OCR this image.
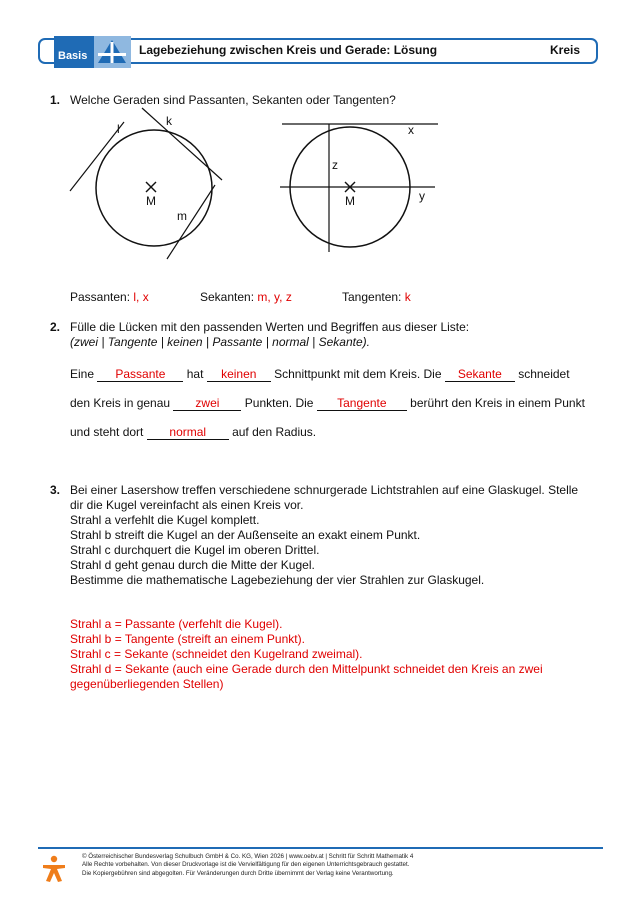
Basis	Lagebeziehung zwischen Kreis und Gerade: Lösung	Kreis
1. Welche Geraden sind Passanten, Sekanten oder Tangenten?
l
k
M
m
x
z
M	y
Passanten: l, x	Sekanten: m, y, z	Tangenten: k
2. Fülle die Lücken mit den passenden Werten und Begriffen aus dieser Liste:
(zwei | Tangente | keinen | Passante | normal | Sekante).
Eine Passante hat keinen Schnittpunkt mit dem Kreis. Die Sekante schneidet
den Kreis in genau zwei Punkten. Die Tangente berührt den Kreis in einem Punkt
und steht dort normal auf den Radius.
3. Bei einer Lasershow treffen verschiedene schnurgerade Lichtstrahlen auf eine Glaskugel. Stelle
dir die Kugel vereinfacht als einen Kreis vor.
Strahl a verfehlt die Kugel komplett.
Strahl b streift die Kugel an der Außenseite an exakt einem Punkt.
Strahl c durchquert die Kugel im oberen Drittel.
Strahl d geht genau durch die Mitte der Kugel.
Bestimme die mathematische Lagebeziehung der vier Strahlen zur Glaskugel.
Strahl a = Passante (verfehlt die Kugel).
Strahl b = Tangente (streift an einem Punkt).
Strahl c = Sekante (schneidet den Kugelrand zweimal).
Strahl d = Sekante (auch eine Gerade durch den Mittelpunkt schneidet den Kreis an zwei
gegenüberliegenden Stellen)
© Österreichischer Bundesverlag Schulbuch GmbH & Co. KG, Wien 2026 | www.oebv.at | Schritt für Schritt Mathematik 4
Alle Rechte vorbehalten. Von dieser Druckvorlage ist die Vervielfältigung für den eigenen Unterrichtsgebrauch gestattet.
Die Kopiergebühren sind abgegolten. Für Veränderungen durch Dritte übernimmt der Verlag keine Verantwortung.
